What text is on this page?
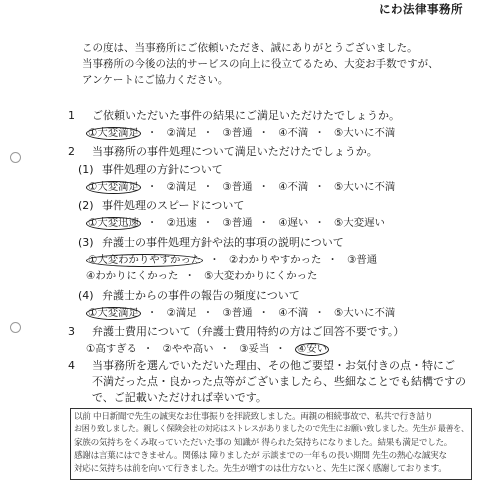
にわ法律事務所
この度は、当事務所にご依頼いただき、誠にありがとうございました。
当事務所の今後の法的サービスの向上に役立てるため、大変お手数ですが、
アンケートにご協力ください。
1 ご依頼いただいた事件の結果にご満足いただけたでしょうか。
①大変満足 ・ ②満足 ・ ③普通 ・ ④不満 ・ ⑤大いに不満
2 当事務所の事件処理について満足いただけたでしょうか。
(1) 事件処理の方針について
①大変満足 ・ ②満足 ・ ③普通 ・ ④不満 ・ ⑤大いに不満
(2) 事件処理のスピードについて
①大変迅速 ・ ②迅速 ・ ③普通 ・ ④遅い ・ ⑤大変遅い
(3) 弁護士の事件処理方針や法的事項の説明について
①大変わかりやすかった ・ ②わかりやすかった ・ ③普通
④わかりにくかった ・ ⑤大変わかりにくかった
(4) 弁護士からの事件の報告の頻度について
①大変満足 ・ ②満足 ・ ③普通 ・ ④不満 ・ ⑤大いに不満
3 弁護士費用について（弁護士費用特約の方はご回答不要です。）
①高すぎる ・ ②やや高い ・ ③妥当 ・ ④安い
4 当事務所を選んでいただいた理由、その他ご要望・お気付きの点・特にご
不満だった点・良かった点等がございましたら、些細なことでも結構ですの
で、ご記載いただければ幸いです。
以前 中日新聞で先生の誠実なお仕事振りを拝読致しました。両親の相続事故で、私共で行き詰り
お困り致しました。親しく保険会社の対応はストレスがありましたので先生にお願い致しました。先生が 最善を、
家族の気持ちをくみ取っていただいた事の 知識が 得られた気持ちになりました。結果も満足でした。
感謝は言葉にはできません。関係は 障りましたが 示談までの一年もの長い期間 先生の熱心な誠実な
対応に気持ちは前を向いて行きました。先生が増すのは仕方ないと、先生に深く感謝しております。
